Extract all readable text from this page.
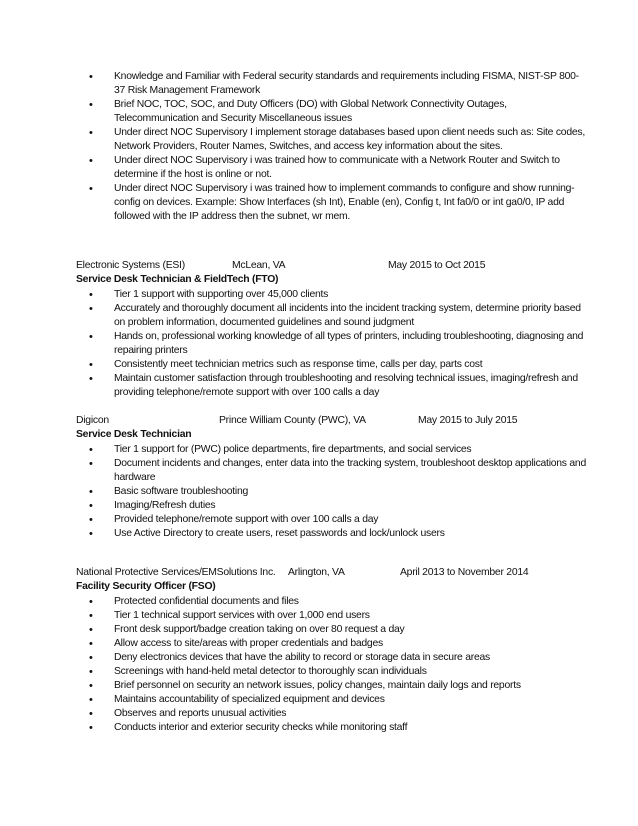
• Knowledge and Familiar with Federal security standards and requirements including FISMA, NIST-SP 800-37 Risk Management Framework
• Brief NOC, TOC, SOC, and Duty Officers (DO) with Global Network Connectivity Outages, Telecommunication and Security Miscellaneous issues
• Under direct NOC Supervisory I implement storage databases based upon client needs such as: Site codes, Network Providers, Router Names, Switches, and access key information about the sites.
• Under direct NOC Supervisory i was trained how to communicate with a Network Router and Switch to determine if the host is online or not.
• Under direct NOC Supervisory i was trained how to implement commands to configure and show running-config on devices. Example: Show Interfaces (sh Int), Enable (en), Config t, Int fa0/0 or int ga0/0, IP add followed with the IP address then the subnet, wr mem.
Electronic Systems (ESI)	McLean, VA	May 2015 to Oct 2015
Service Desk Technician & FieldTech (FTO)
• Tier 1 support with supporting over 45,000 clients
• Accurately and thoroughly document all incidents into the incident tracking system, determine priority based on problem information, documented guidelines and sound judgment
• Hands on, professional working knowledge of all types of printers, including troubleshooting, diagnosing and repairing printers
• Consistently meet technician metrics such as response time, calls per day, parts cost
• Maintain customer satisfaction through troubleshooting and resolving technical issues, imaging/refresh and providing telephone/remote support with over 100 calls a day
Digicon	Prince William County (PWC), VA	May 2015 to July 2015
Service Desk Technician
• Tier 1 support for (PWC) police departments, fire departments, and social services
• Document incidents and changes, enter data into the tracking system, troubleshoot desktop applications and hardware
• Basic software troubleshooting
• Imaging/Refresh duties
• Provided telephone/remote support with over 100 calls a day
• Use Active Directory to create users, reset passwords and lock/unlock users
National Protective Services/EMSolutions Inc. Arlington, VA	April 2013 to November 2014
Facility Security Officer (FSO)
• Protected confidential documents and files
• Tier 1 technical support services with over 1,000 end users
• Front desk support/badge creation taking on over 80 request a day
• Allow access to site/areas with proper credentials and badges
• Deny electronics devices that have the ability to record or storage data in secure areas
• Screenings with hand-held metal detector to thoroughly scan individuals
• Brief personnel on security an network issues, policy changes, maintain daily logs and reports
• Maintains accountability of specialized equipment and devices
• Observes and reports unusual activities
• Conducts interior and exterior security checks while monitoring staff
